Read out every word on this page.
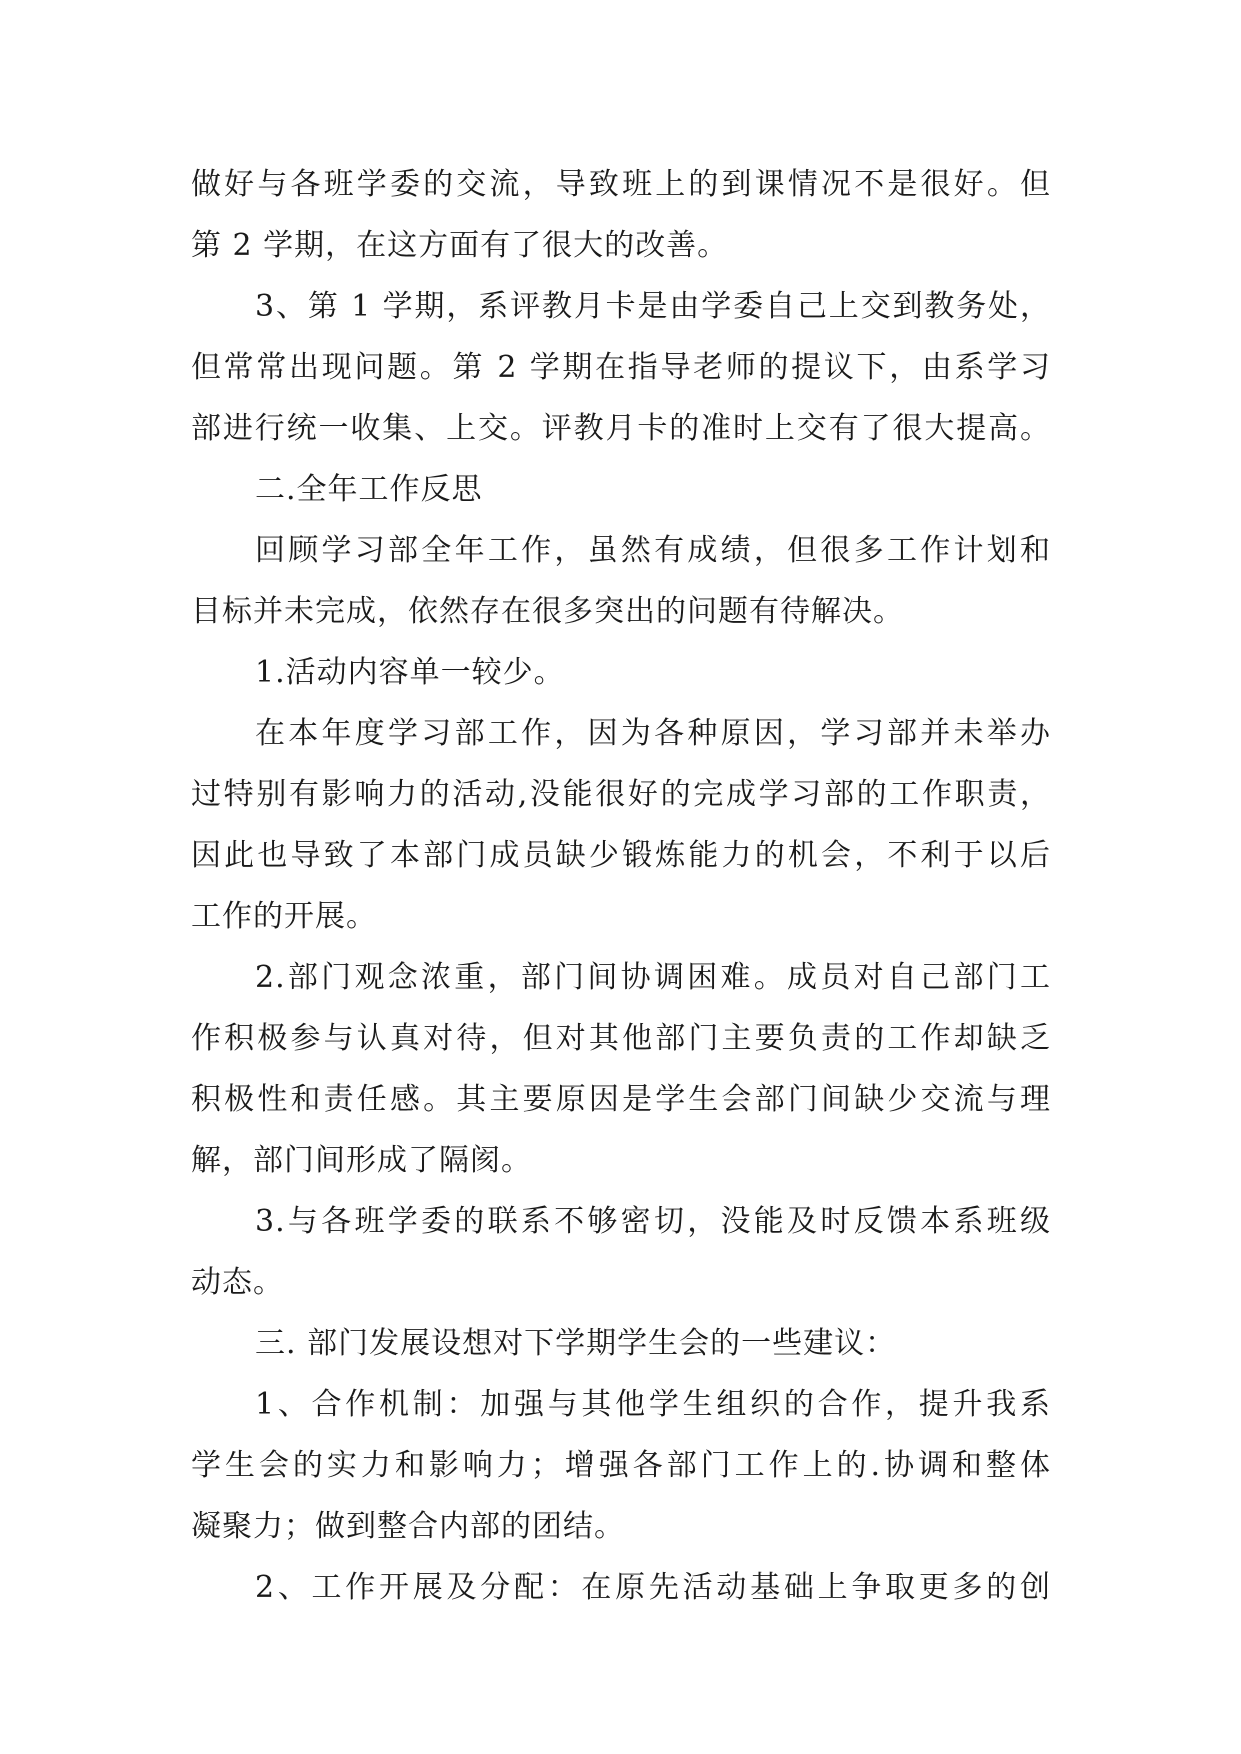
做好与各班学委的交流，导致班上的到课情况不是很好。但
第 2 学期，在这方面有了很大的改善。
3、第 1 学期，系评教月卡是由学委自己上交到教务处，
但常常出现问题。第 2 学期在指导老师的提议下，由系学习
部进行统一收集、上交。评教月卡的准时上交有了很大提高。
二.全年工作反思
回顾学习部全年工作，虽然有成绩，但很多工作计划和
目标并未完成，依然存在很多突出的问题有待解决。
1.活动内容单一较少。
在本年度学习部工作，因为各种原因，学习部并未举办
过特别有影响力的活动,没能很好的完成学习部的工作职责，
因此也导致了本部门成员缺少锻炼能力的机会，不利于以后
工作的开展。
2.部门观念浓重，部门间协调困难。成员对自己部门工
作积极参与认真对待，但对其他部门主要负责的工作却缺乏
积极性和责任感。其主要原因是学生会部门间缺少交流与理
解，部门间形成了隔阂。
3.与各班学委的联系不够密切，没能及时反馈本系班级
动态。
三. 部门发展设想对下学期学生会的一些建议：
1、合作机制：加强与其他学生组织的合作，提升我系
学生会的实力和影响力；增强各部门工作上的.协调和整体
凝聚力；做到整合内部的团结。
2、工作开展及分配：在原先活动基础上争取更多的创
